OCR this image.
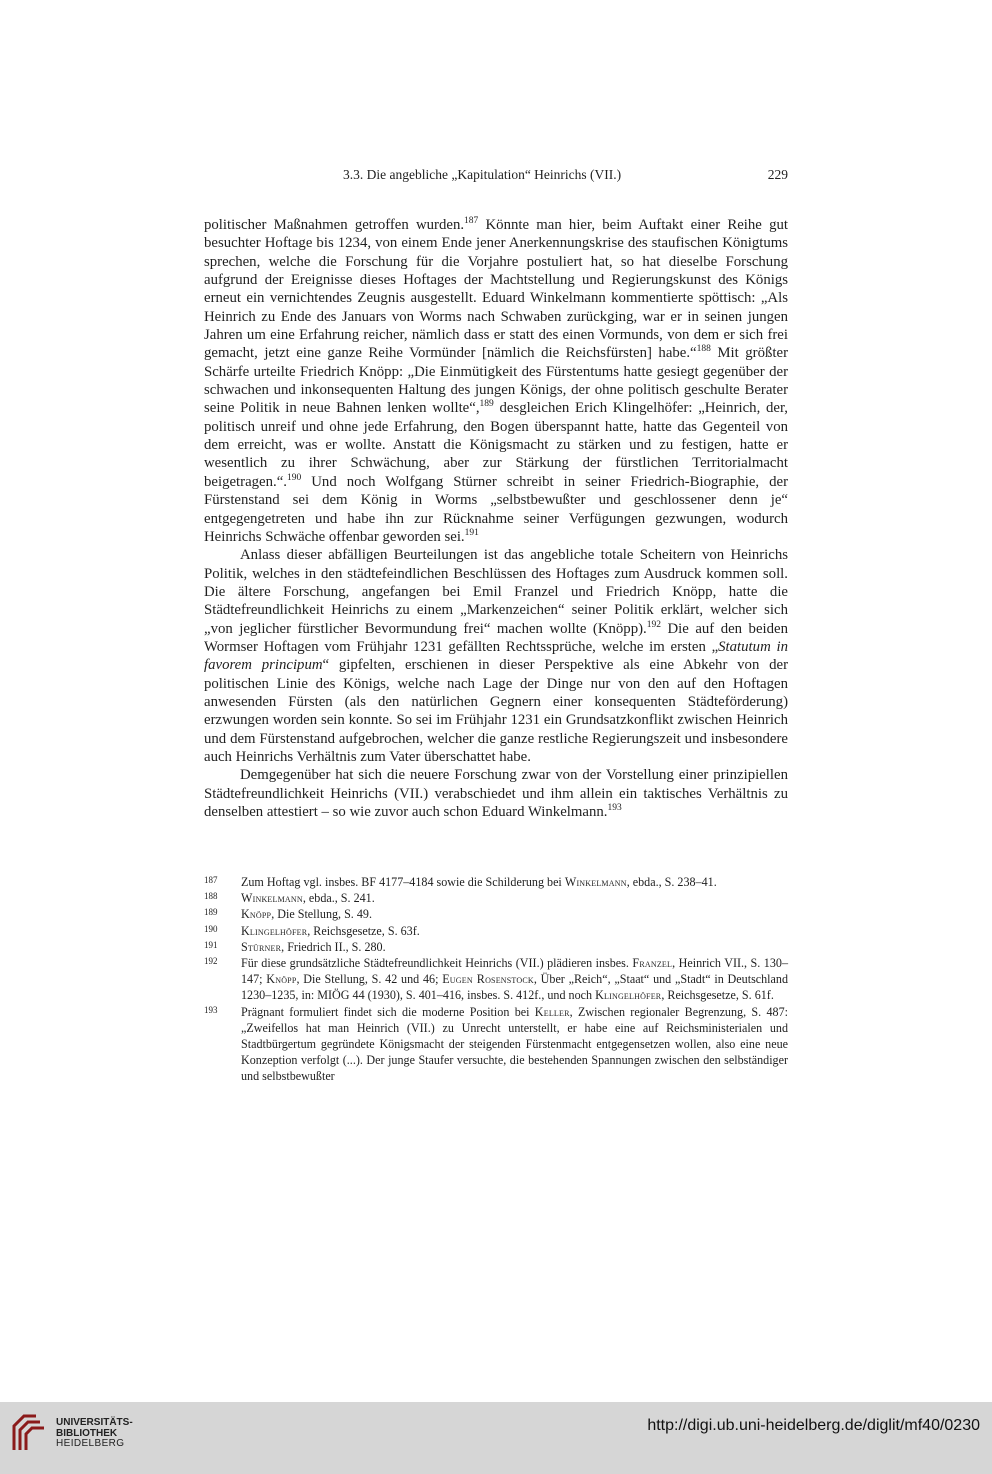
3.3. Die angebliche „Kapitulation“ Heinrichs (VII.)	229

politischer Maßnahmen getroffen wurden.$^{187}$ Könnte man hier, beim Auftakt einer Reihe gut besuchter Hoftage bis 1234, von einem Ende jener Anerkennungskrise des staufischen Königtums sprechen, welche die Forschung für die Vorjahre postuliert hat, so hat dieselbe Forschung aufgrund der Ereignisse dieses Hoftages der Machtstellung und Regierungskunst des Königs erneut ein vernichtendes Zeugnis ausgestellt. Eduard Winkelmann kommentierte spöttisch: „Als Heinrich zu Ende des Januars von Worms nach Schwaben zurückging, war er in seinen jungen Jahren um eine Erfahrung reicher, nämlich dass er statt des einen Vormunds, von dem er sich frei gemacht, jetzt eine ganze Reihe Vormünder [nämlich die Reichsfürsten] habe.“$^{188}$ Mit größter Schärfe urteilte Friedrich Knöpp: „Die Einmütigkeit des Fürstentums hatte gesiegt gegenüber der schwachen und inkonsequenten Haltung des jungen Königs, der ohne politisch geschulte Berater seine Politik in neue Bahnen lenken wollte“,$^{189}$ desgleichen Erich Klingelhöfer: „Heinrich, der, politisch unreif und ohne jede Erfahrung, den Bogen überspannt hatte, hatte das Gegenteil von dem erreicht, was er wollte. Anstatt die Königsmacht zu stärken und zu festigen, hatte er wesentlich zu ihrer Schwächung, aber zur Stärkung der fürstlichen Territorialmacht beigetragen.“.$^{190}$ Und noch Wolfgang Stürner schreibt in seiner Friedrich-Biographie, der Fürstenstand sei dem König in Worms „selbstbewußter und geschlossener denn je“ entgegengetreten und habe ihn zur Rücknahme seiner Verfügungen gezwungen, wodurch Heinrichs Schwäche offenbar geworden sei.$^{191}$

Anlass dieser abfälligen Beurteilungen ist das angebliche totale Scheitern von Heinrichs Politik, welches in den städtefeindlichen Beschlüssen des Hoftages zum Ausdruck kommen soll. Die ältere Forschung, angefangen bei Emil Franzel und Friedrich Knöpp, hatte die Städtefreundlichkeit Heinrichs zu einem „Markenzeichen“ seiner Politik erklärt, welcher sich „von jeglicher fürstlicher Bevormundung frei“ machen wollte (Knöpp).$^{192}$ Die auf den beiden Wormser Hoftagen vom Frühjahr 1231 gefällten Rechtssprüche, welche im ersten „Statutum in favorem principum“ gipfelten, erschienen in dieser Perspektive als eine Abkehr von der politischen Linie des Königs, welche nach Lage der Dinge nur von den auf den Hoftagen anwesenden Fürsten (als den natürlichen Gegnern einer konsequenten Städteförderung) erzwungen worden sein konnte. So sei im Frühjahr 1231 ein Grundsatzkonflikt zwischen Heinrich und dem Fürstenstand aufgebrochen, welcher die ganze restliche Regierungszeit und insbesondere auch Heinrichs Verhältnis zum Vater überschattet habe.

Demgegenüber hat sich die neuere Forschung zwar von der Vorstellung einer prinzipiellen Städtefreundlichkeit Heinrichs (VII.) verabschiedet und ihm allein ein taktisches Verhältnis zu denselben attestiert – so wie zuvor auch schon Eduard Winkelmann.$^{193}$

187 Zum Hoftag vgl. insbes. BF 4177–4184 sowie die Schilderung bei Winkelmann, ebda., S. 238–41.

188 Winkelmann, ebda., S. 241.

189 Knöpp, Die Stellung, S. 49.

190 Klingelhöfer, Reichsgesetze, S. 63f.

191 Stürner, Friedrich II., S. 280.

192 Für diese grundsätzliche Städtefreundlichkeit Heinrichs (VII.) plädieren insbes. Franzel, Heinrich VII., S. 130–147; Knöpp, Die Stellung, S. 42 und 46; Eugen Rosenstock, Über „Reich“, „Staat“ und „Stadt“ in Deutschland 1230–1235, in: MIÖG 44 (1930), S. 401–416, insbes. S. 412f., und noch Klingelhöfer, Reichsgesetze, S. 61f.

193 Prägnant formuliert findet sich die moderne Position bei Keller, Zwischen regionaler Begrenzung, S. 487: „Zweifellos hat man Heinrich (VII.) zu Unrecht unterstellt, er habe eine auf Reichsministerialen und Stadtbürgertum gegründete Königsmacht der steigenden Fürstenmacht entgegensetzen wollen, also eine neue Konzeption verfolgt (...). Der junge Staufer versuchte, die bestehenden Spannungen zwischen den selbständiger und selbstbewußter

UNIVERSITÄTS-
BIBLIOTHEK
HEIDELBERG
http://digi.ub.uni-heidelberg.de/diglit/mf40/0230
